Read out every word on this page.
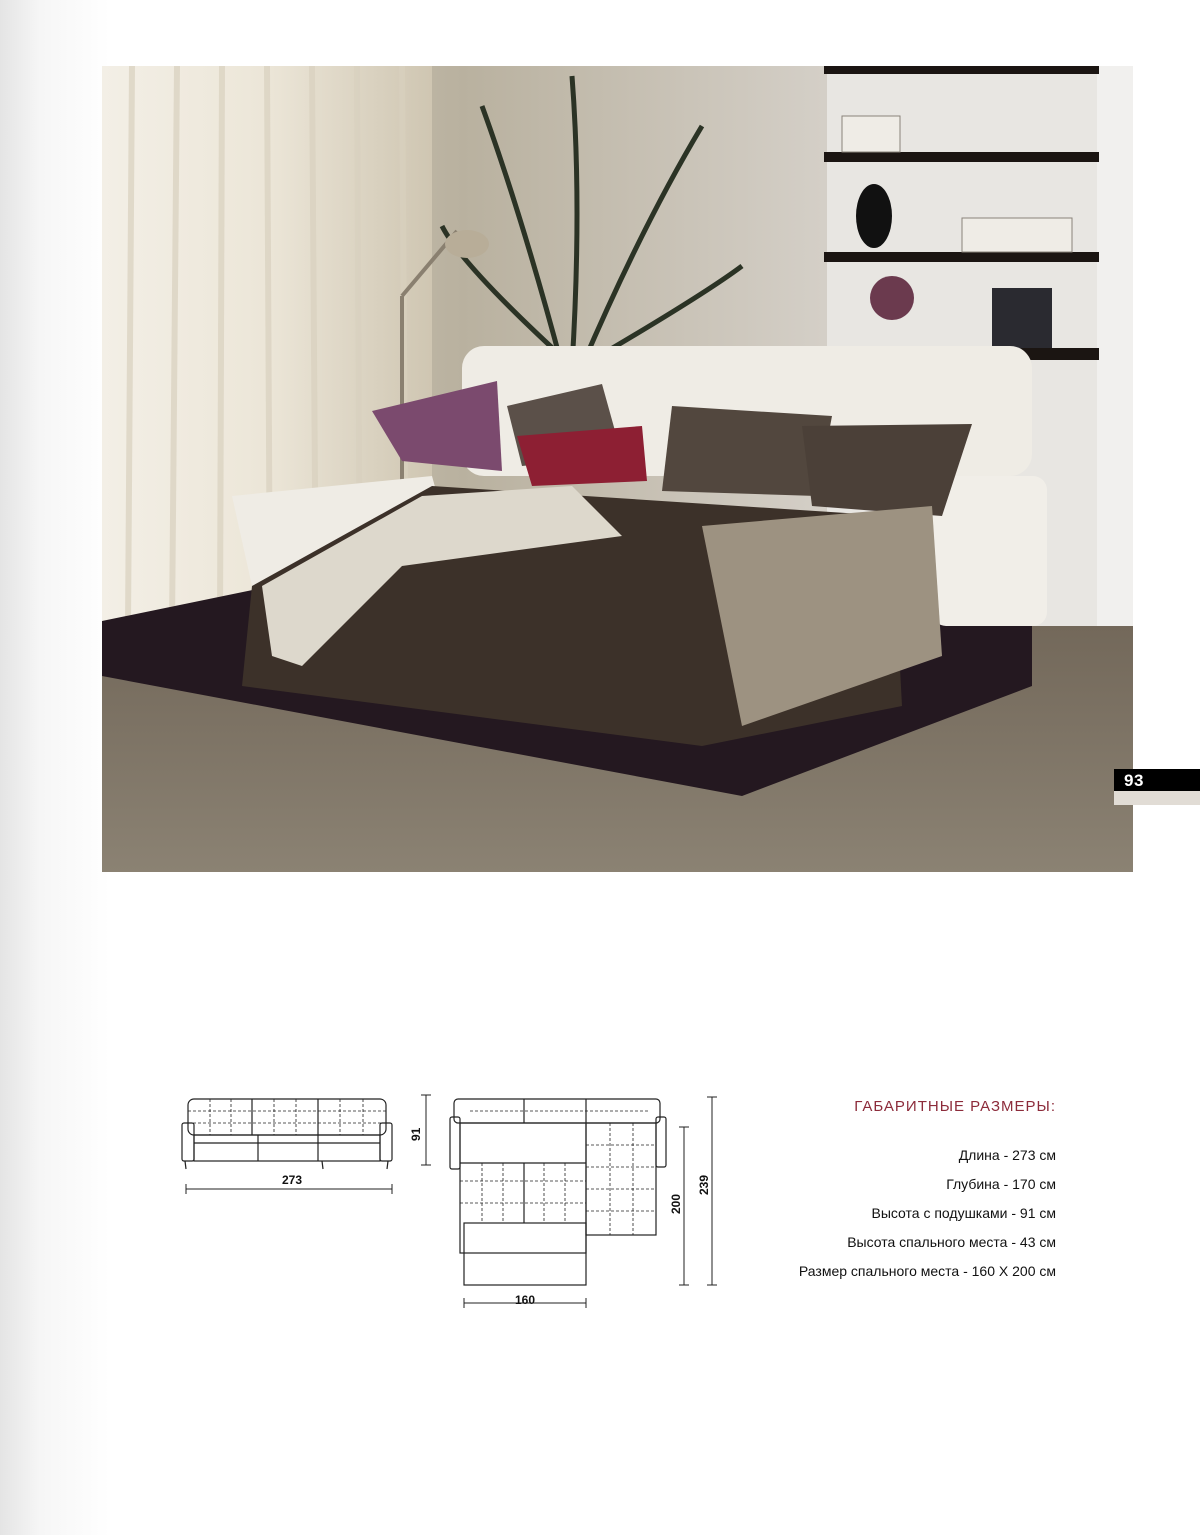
93
273
91
160
200
239
ГАБАРИТНЫЕ РАЗМЕРЫ:
Длина - 273 см
Глубина - 170 см
Высота с подушками - 91 см
Высота спального места - 43 см
Размер спального места - 160 X 200 см
